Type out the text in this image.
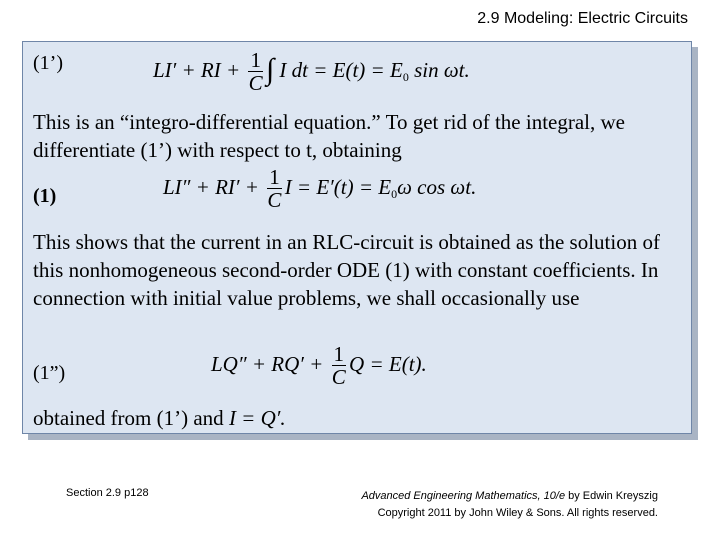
2.9 Modeling: Electric Circuits
(1’)	LI′ + RI + $\frac{1}{C}$ ∫ I dt = $E(t) = E_0$ sin ωt.
This is an “integro-differential equation.” To get rid of the integral, we differentiate (1’) with respect to t, obtaining
(1)	$LI'' + RI' + \frac{1}{C}$ $I = E'(t) = E_0\omega$ cos ωt.
This shows that the current in an RLC-circuit is obtained as the solution of this nonhomogeneous second-order ODE (1) with constant coefficients. In connection with initial value problems, we shall occasionally use
(1”)	$LQ'' + RQ' + \frac{1}{C}$ Q = E(t).
obtained from (1’) and I = Q′.
Section 2.9 p128	Advanced Engineering Mathematics, 10/e by Edwin Kreyszig
Copyright 2011 by John Wiley & Sons. All rights reserved.
